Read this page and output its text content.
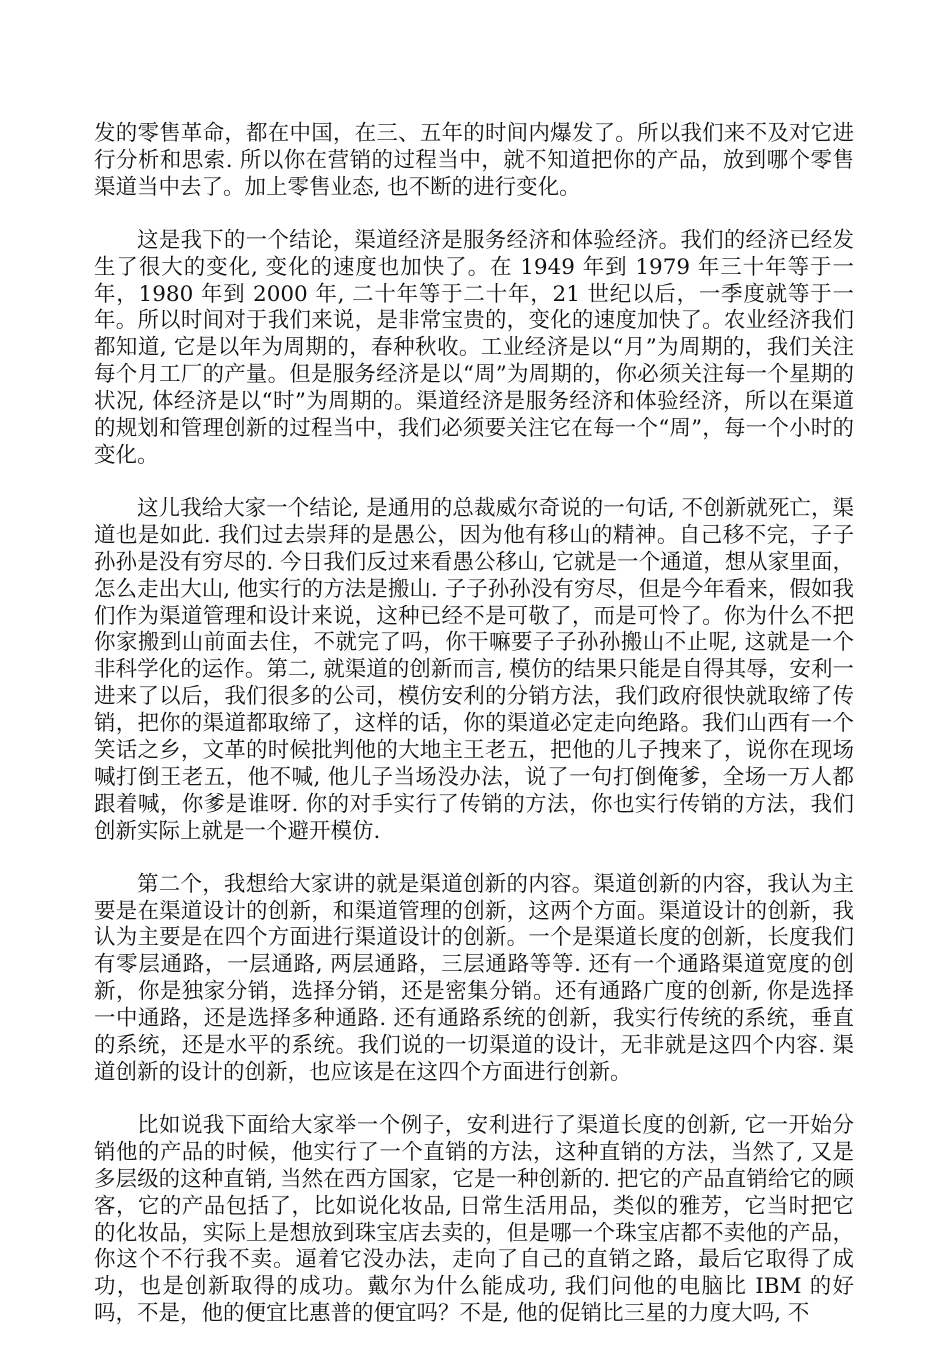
发的零售革命，都在中国，在三、五年的时间内爆发了。所以我们来不及对它进行分析和思索. 所以你在营销的过程当中，就不知道把你的产品，放到哪个零售渠道当中去了。加上零售业态, 也不断的进行变化。

这是我下的一个结论，渠道经济是服务经济和体验经济。我们的经济已经发生了很大的变化, 变化的速度也加快了。在 1949 年到 1979 年三十年等于一年，1980 年到 2000 年, 二十年等于二十年，21 世纪以后，一季度就等于一年。所以时间对于我们来说，是非常宝贵的，变化的速度加快了。农业经济我们都知道, 它是以年为周期的，春种秋收。工业经济是以“月”为周期的，我们关注每个月工厂的产量。但是服务经济是以“周”为周期的，你必须关注每一个星期的状况, 体经济是以“时”为周期的。渠道经济是服务经济和体验经济，所以在渠道的规划和管理创新的过程当中，我们必须要关注它在每一个“周”，每一个小时的变化。

这儿我给大家一个结论, 是通用的总裁威尔奇说的一句话, 不创新就死亡，渠道也是如此. 我们过去崇拜的是愚公，因为他有移山的精神。自己移不完，子子孙孙是没有穷尽的. 今日我们反过来看愚公移山, 它就是一个通道，想从家里面，怎么走出大山, 他实行的方法是搬山. 子子孙孙没有穷尽，但是今年看来，假如我们作为渠道管理和设计来说，这种已经不是可敬了，而是可怜了。你为什么不把你家搬到山前面去住，不就完了吗，你干嘛要子子孙孙搬山不止呢, 这就是一个非科学化的运作。第二, 就渠道的创新而言, 模仿的结果只能是自得其辱，安利一进来了以后，我们很多的公司，模仿安利的分销方法，我们政府很快就取缔了传销，把你的渠道都取缔了，这样的话，你的渠道必定走向绝路。我们山西有一个笑话之乡，文革的时候批判他的大地主王老五，把他的儿子拽来了，说你在现场喊打倒王老五，他不喊, 他儿子当场没办法，说了一句打倒俺爹，全场一万人都跟着喊，你爹是谁呀. 你的对手实行了传销的方法，你也实行传销的方法，我们创新实际上就是一个避开模仿.

第二个，我想给大家讲的就是渠道创新的内容。渠道创新的内容，我认为主要是在渠道设计的创新，和渠道管理的创新，这两个方面。渠道设计的创新，我认为主要是在四个方面进行渠道设计的创新。一个是渠道长度的创新，长度我们有零层通路，一层通路, 两层通路，三层通路等等. 还有一个通路渠道宽度的创新，你是独家分销，选择分销，还是密集分销。还有通路广度的创新, 你是选择一中通路，还是选择多种通路. 还有通路系统的创新，我实行传统的系统，垂直的系统，还是水平的系统。我们说的一切渠道的设计，无非就是这四个内容. 渠道创新的设计的创新，也应该是在这四个方面进行创新。

比如说我下面给大家举一个例子，安利进行了渠道长度的创新, 它一开始分销他的产品的时候，他实行了一个直销的方法，这种直销的方法，当然了, 又是多层级的这种直销, 当然在西方国家，它是一种创新的. 把它的产品直销给它的顾客，它的产品包括了，比如说化妆品, 日常生活用品，类似的雅芳，它当时把它的化妆品，实际上是想放到珠宝店去卖的，但是哪一个珠宝店都不卖他的产品，你这个不行我不卖。逼着它没办法，走向了自己的直销之路，最后它取得了成功，也是创新取得的成功。戴尔为什么能成功, 我们问他的电脑比 IBM 的好吗，不是，他的便宜比惠普的便宜吗？不是, 他的促销比三星的力度大吗, 不
